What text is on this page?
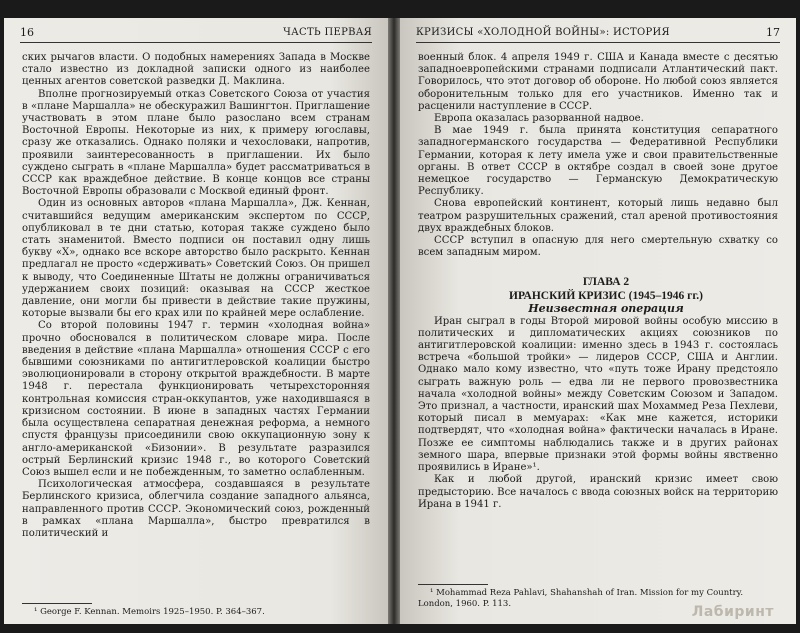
16	ЧАСТЬ ПЕРВАЯ

ских рычагов власти. О подобных намерениях Запада в Москве стало известно из докладной записки одного из наиболее ценных агентов советской разведки Д. Маклина.

Вполне прогнозируемый отказ Советского Союза от участия в «плане Маршалла» не обескуражил Вашингтон. Приглашение участвовать в этом плане было разослано всем странам Восточной Европы. Некоторые из них, к примеру югославы, сразу же отказались. Однако поляки и чехословаки, напротив, проявили заинтересованность в приглашении. Их было суждено сыграть в «плане Маршалла» будет рассматриваться в СССР как враждебное действие. В конце концов все страны Восточной Европы образовали с Москвой единый фронт.

Один из основных авторов «плана Маршалла», Дж. Кеннан, считавшийся ведущим американским экспертом по СССР, опубликовал в те дни статью, которая также суждено было стать знаменитой. Вместо подписи он поставил одну лишь букву «Х», однако все вскоре авторство было раскрыто. Кеннан предлагал не просто «сдерживать» Советский Союз. Он пришел к выводу, что Соединенные Штаты не должны ограничиваться удержанием своих позиций: оказывая на СССР жесткое давление, они могли бы привести в действие такие пружины, которые вызвали бы его крах или по крайней мере ослабление.

Со второй половины 1947 г. термин «холодная война» прочно обосновался в политическом словаре мира. После введения в действие «плана Маршалла» отношения СССР с его бывшими союзниками по антигитлеровской коалиции быстро эволюционировали в сторону открытой враждебности. В марте 1948 г. перестала функционировать четырехсторонняя контрольная комиссия стран-оккупантов, уже находившаяся в кризисном состоянии. В июне в западных частях Германии была осуществлена сепаратная денежная реформа, а немного спустя французы присоединили свою оккупационную зону к англо-американской «Бизонии». В результате разразился острый Берлинский кризис 1948 г., во которого Советский Союз вышел если и не побежденным, то заметно ослабленным.

Психологическая атмосфера, создавшаяся в результате Берлинского кризиса, облегчила создание западного альянса, направленного против СССР. Экономический союз, рожденный в рамках «плана Маршалла», быстро превратился в политический и

¹ George F. Kennan. Memoirs 1925–1950. P. 364–367.

КРИЗИСЫ «ХОЛОДНОЙ ВОЙНЫ»: ИСТОРИЯ	17

военный блок. 4 апреля 1949 г. США и Канада вместе с десятью западноевропейскими странами подписали Атлантический пакт. Говорилось, что этот договор об обороне. Но любой союз является оборонительным только для его участников. Именно так и расценили наступление в СССР.

Европа оказалась разорванной надвое.

В мае 1949 г. была принята конституция сепаратного западногерманского государства — Федеративной Республики Германии, которая к лету имела уже и свои правительственные органы. В ответ СССР в октябре создал в своей зоне другое немецкое государство — Германскую Демократическую Республику.

Снова европейский континент, который лишь недавно был театром разрушительных сражений, стал ареной противостояния двух враждебных блоков.

СССР вступил в опасную для него смертельную схватку со всем западным миром.

ГЛАВА 2

ИРАНСКИЙ КРИЗИС (1945–1946 гг.)

Неизвестная операция

Иран сыграл в годы Второй мировой войны особую миссию в политических и дипломатических акциях союзников по антигитлеровской коалиции: именно здесь в 1943 г. состоялась встреча «большой тройки» — лидеров СССР, США и Англии. Однако мало кому известно, что «путь тоже Ирану предстояло сыграть важную роль — едва ли не первого провозвестника начала «холодной войны» между Советским Союзом и Западом. Это признал, а частности, иранский шах Мохаммед Реза Пехлеви, который писал в мемуарах: «Как мне кажется, историки подтвердят, что «холодная война» фактически началась в Иране. Позже ее симптомы наблюдались также и в других районах земного шара, впервые признаки этой формы войны явственно проявились в Иране»¹.

Как и любой другой, иранский кризис имеет свою предысторию. Все началось с ввода союзных войск на территорию Ирана в 1941 г.

¹ Mohammad Reza Pahlavi, Shahanshah of Iran. Mission for my Country. London, 1960. P. 113.

Лабиринт
